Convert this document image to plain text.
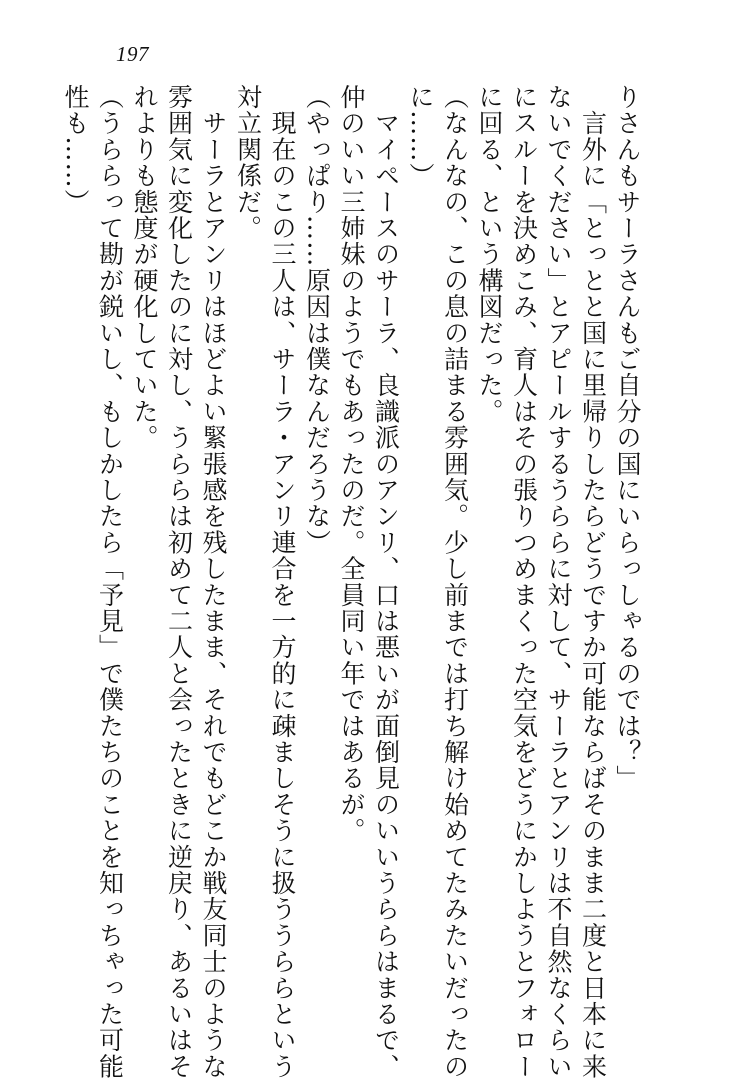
197
りさんもサーラさんもご自分の国にいらっしゃるのでは？」
　言外に「とっとと国に里帰りしたらどうですか可能ならばそのまま二度と日本に来
ないでください」とアピールするうららに対して、サーラとアンリは不自然なくらい
にスルーを決めこみ、育人はその張りつめまくった空気をどうにかしようとフォロー
に回る、という構図だった。
（なんなの、この息の詰まる雰囲気。少し前までは打ち解け始めてたみたいだったの
に……）
　マイペースのサーラ、良識派のアンリ、口は悪いが面倒見のいいうららはまるで、
仲のいい三姉妹のようでもあったのだ。全員同い年ではあるが。
（やっぱり……原因は僕なんだろうな）
　現在のこの三人は、サーラ・アンリ連合を一方的に疎ましそうに扱ううららという
対立関係だ。
　サーラとアンリはほどよい緊張感を残したまま、それでもどこか戦友同士のような
雰囲気に変化したのに対し、うららは初めて二人と会ったときに逆戻り、あるいはそ
れよりも態度が硬化していた。
（うららって勘が鋭いし、もしかしたら「予見」で僕たちのことを知っちゃった可能
性も……）
